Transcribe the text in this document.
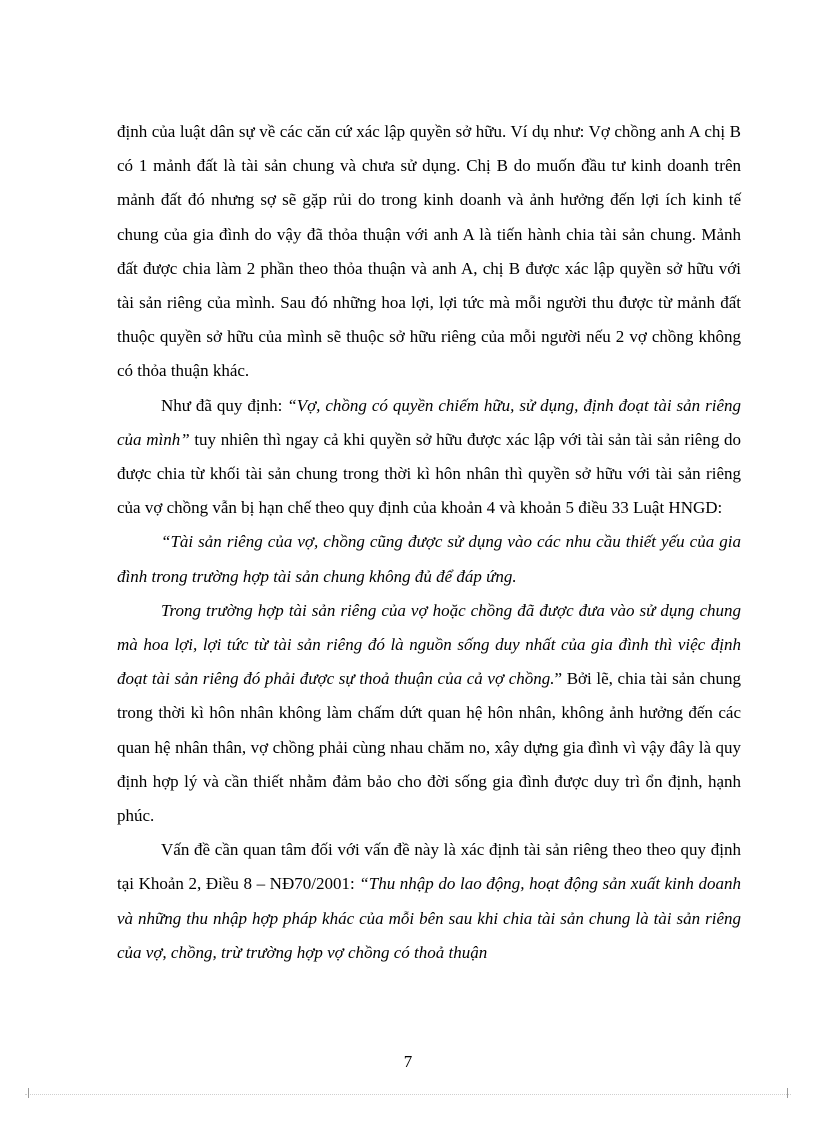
định của luật dân sự về các căn cứ xác lập quyền sở hữu. Ví dụ như: Vợ chồng anh A chị B có 1 mảnh đất là tài sản chung và chưa sử dụng. Chị B do muốn đầu tư kinh doanh trên mảnh đất đó nhưng sợ sẽ gặp rủi do trong kinh doanh và ảnh hưởng đến lợi ích kinh tế chung của gia đình do vậy đã thỏa thuận với anh A là tiến hành chia tài sản chung. Mảnh đất được chia làm 2 phần theo thỏa thuận và anh A, chị B được xác lập quyền sở hữu với tài sản riêng của mình. Sau đó những hoa lợi, lợi tức mà mỗi người thu được từ mảnh đất thuộc quyền sở hữu của mình sẽ thuộc sở hữu riêng của mỗi người nếu 2 vợ chồng không có thỏa thuận khác.

Như đã quy định: “Vợ, chồng có quyền chiếm hữu, sử dụng, định đoạt tài sản riêng của mình” tuy nhiên thì ngay cả khi quyền sở hữu được xác lập với tài sản tài sản riêng do được chia từ khối tài sản chung trong thời kì hôn nhân thì quyền sở hữu với tài sản riêng của vợ chồng vẫn bị hạn chế theo quy định của khoản 4 và khoản 5 điều 33 Luật HNGD:

“Tài sản riêng của vợ, chồng cũng được sử dụng vào các nhu cầu thiết yếu của gia đình trong trường hợp tài sản chung không đủ để đáp ứng.

Trong trường hợp tài sản riêng của vợ hoặc chồng đã được đưa vào sử dụng chung mà hoa lợi, lợi tức từ tài sản riêng đó là nguồn sống duy nhất của gia đình thì việc định đoạt tài sản riêng đó phải được sự thoả thuận của cả vợ chồng.” Bởi lẽ, chia tài sản chung trong thời kì hôn nhân không làm chấm dứt quan hệ hôn nhân, không ảnh hưởng đến các quan hệ nhân thân, vợ chồng phải cùng nhau chăm no, xây dựng gia đình vì vậy đây là quy định hợp lý và cần thiết nhằm đảm bảo cho đời sống gia đình được duy trì ổn định, hạnh phúc.

Vấn đề cần quan tâm đối với vấn đề này là xác định tài sản riêng theo theo quy định tại Khoản 2, Điều 8 – NĐ70/2001: “Thu nhập do lao động, hoạt động sản xuất kinh doanh và những thu nhập hợp pháp khác của mỗi bên sau khi chia tài sản chung là tài sản riêng của vợ, chồng, trừ trường hợp vợ chồng có thoả thuận

7
